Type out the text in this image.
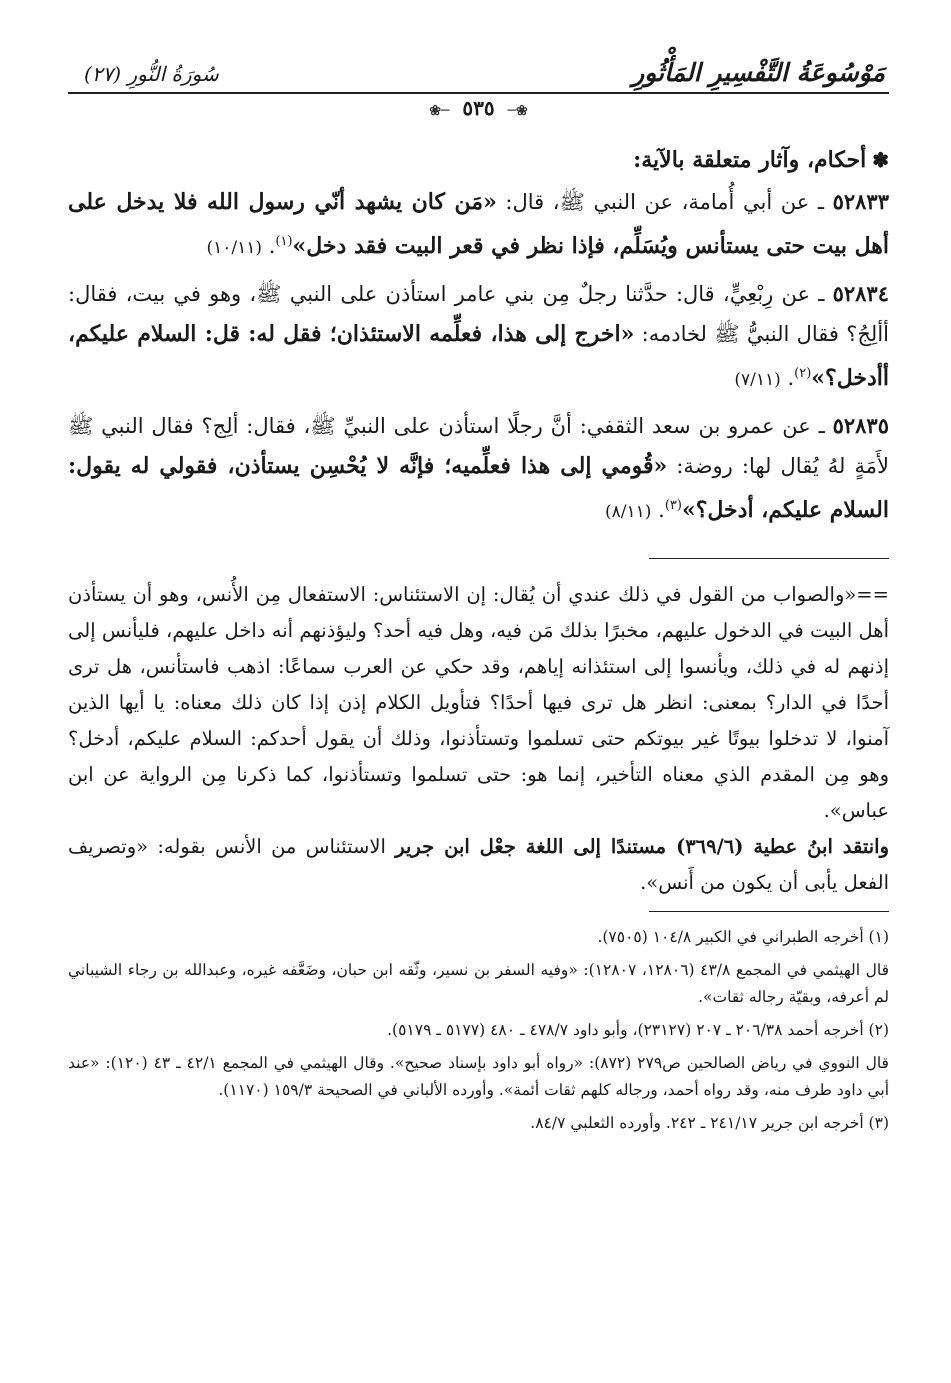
مَوْسُوعَةُ التَّفْسِيرِ المَأْثُورِ
سُورَةُ النُّورِ (٢٧)
❀─ ٥٣٥ ─❀
✽أحكام، وآثار متعلقة بالآية:
٥٢٨٣٣ ـ عن أبي أُمامة، عن النبي ﷺ، قال: «مَن كان يشهد أنّي رسول الله فلا يدخل على أهل بيت حتى يستأنس ويُسَلِّم، فإذا نظر في قعر البيت فقد دخل»$^{(١)}$. (١٠/١١)
٥٢٨٣٤ ـ عن رِبْعِيٍّ، قال: حدَّثنا رجلٌ مِن بني عامر استأذن على النبي ﷺ، وهو في بيت، فقال: أألِجُ؟ فقال النبيُّ ﷺ لخادمه: «اخرج إلى هذا، فعلِّمه الاستئذان؛ فقل له: قل: السلام عليكم، أأدخل؟»$^{(٢)}$. (٧/١١)
٥٢٨٣٥ ـ عن عمرو بن سعد الثقفي: أنَّ رجلًا استأذن على النبيِّ ﷺ، فقال: ألِج؟ فقال النبي ﷺ لأَمَةٍ لهُ يُقال لها: روضة: «قُومي إلى هذا فعلِّميه؛ فإنَّه لا يُحْسِن يستأذن، فقولي له يقول: السلام عليكم، أدخل؟»$^{(٣)}$. (٨/١١)

==«والصواب من القول في ذلك عندي أن يُقال: إن الاستئناس: الاستفعال مِن الأُنس، وهو أن يستأذن أهل البيت في الدخول عليهم، مخبرًا بذلك مَن فيه، وهل فيه أحد؟ وليؤذنهم أنه داخل عليهم، فليأنس إلى إذنهم له في ذلك، ويأنسوا إلى استئذانه إياهم، وقد حكي عن العرب سماعًا: اذهب فاستأنس، هل ترى أحدًا في الدار؟ بمعنى: انظر هل ترى فيها أحدًا؟ فتأويل الكلام إذن إذا كان ذلك معناه: يا أيها الذين آمنوا، لا تدخلوا بيوتًا غير بيوتكم حتى تسلموا وتستأذنوا، وذلك أن يقول أحدكم: السلام عليكم، أدخل؟ وهو مِن المقدم الذي معناه التأخير، إنما هو: حتى تسلموا وتستأذنوا، كما ذكرنا مِن الرواية عن ابن عباس».

وانتقد ابنُ عطية (٣٦٩/٦) مستندًا إلى اللغة جعْل ابن جرير الاستئناس من الأنس بقوله: «وتصريف الفعل يأبى أن يكون من أَنس».

(١) أخرجه الطبراني في الكبير ١٠٤/٨ (٧٥٠٥).

قال الهيثمي في المجمع ٤٣/٨ (١٢٨٠٦، ١٢٨٠٧): «وفيه السفر بن نسير، وثّقه ابن حبان، وضَعَّفه غيره، وعبدالله بن رجاء الشيباني لم أعرفه، وبقيّة رجاله ثقات».

(٢) أخرجه أحمد ٢٠٦/٣٨ ـ ٢٠٧ (٢٣١٢٧)، وأبو داود ٤٧٨/٧ ـ ٤٨٠ (٥١٧٧ ـ ٥١٧٩).

قال النووي في رياض الصالحين ص٢٧٩ (٨٧٢): «رواه أبو داود بإسناد صحيح». وقال الهيثمي في المجمع ٤٢/١ ـ ٤٣ (١٢٠): «عند أبي داود طرف منه، وقد رواه أحمد، ورجاله كلهم ثقات أئمة». وأورده الألباني في الصحيحة ١٥٩/٣ (١١٧٠).

(٣) أخرجه ابن جرير ٢٤١/١٧ ـ ٢٤٢. وأورده الثعلبي ٨٤/٧.
